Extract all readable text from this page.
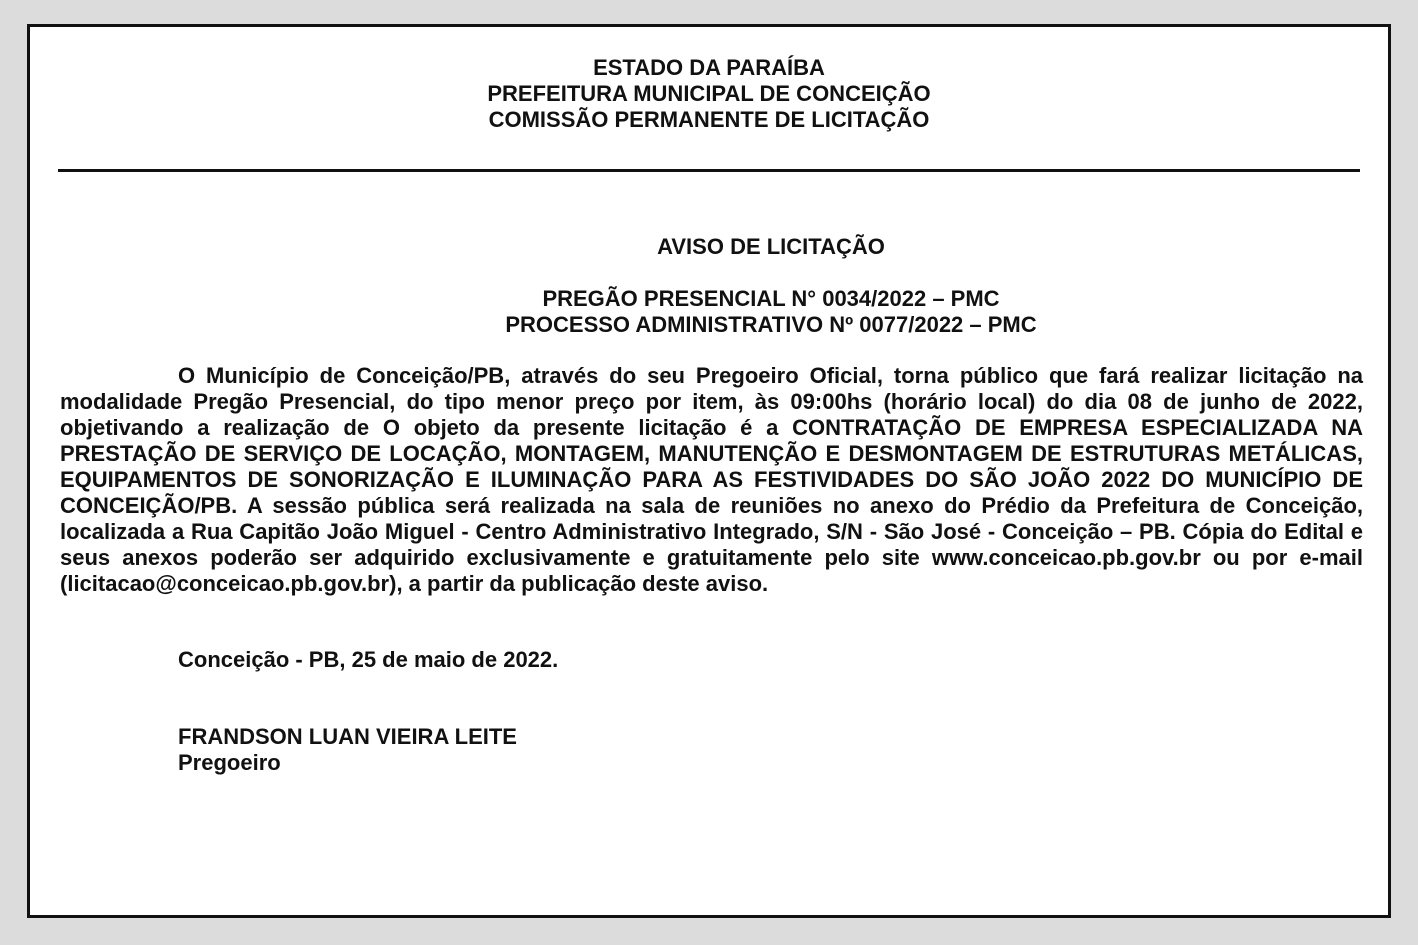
ESTADO DA PARAÍBA
PREFEITURA MUNICIPAL DE CONCEIÇÃO
COMISSÃO PERMANENTE DE LICITAÇÃO
AVISO DE LICITAÇÃO
PREGÃO PRESENCIAL N° 0034/2022 – PMC
PROCESSO ADMINISTRATIVO Nº 0077/2022 – PMC
O Município de Conceição/PB, através do seu Pregoeiro Oficial, torna público que fará realizar licitação na modalidade Pregão Presencial, do tipo menor preço por item, às 09:00hs (horário local) do dia 08 de junho de 2022, objetivando a realização de O objeto da presente licitação é a CONTRATAÇÃO DE EMPRESA ESPECIALIZADA NA PRESTAÇÃO DE SERVIÇO DE LOCAÇÃO, MONTAGEM, MANUTENÇÃO E DESMONTAGEM DE ESTRUTURAS METÁLICAS, EQUIPAMENTOS DE SONORIZAÇÃO E ILUMINAÇÃO PARA AS FESTIVIDADES DO SÃO JOÃO 2022 DO MUNICÍPIO DE CONCEIÇÃO/PB. A sessão pública será realizada na sala de reuniões no anexo do Prédio da Prefeitura de Conceição, localizada a Rua Capitão João Miguel - Centro Administrativo Integrado, S/N - São José - Conceição – PB. Cópia do Edital e seus anexos poderão ser adquirido exclusivamente e gratuitamente pelo site www.conceicao.pb.gov.br ou por e-mail (licitacao@conceicao.pb.gov.br), a partir da publicação deste aviso.
Conceição - PB, 25 de maio de 2022.
FRANDSON LUAN VIEIRA LEITE
Pregoeiro
